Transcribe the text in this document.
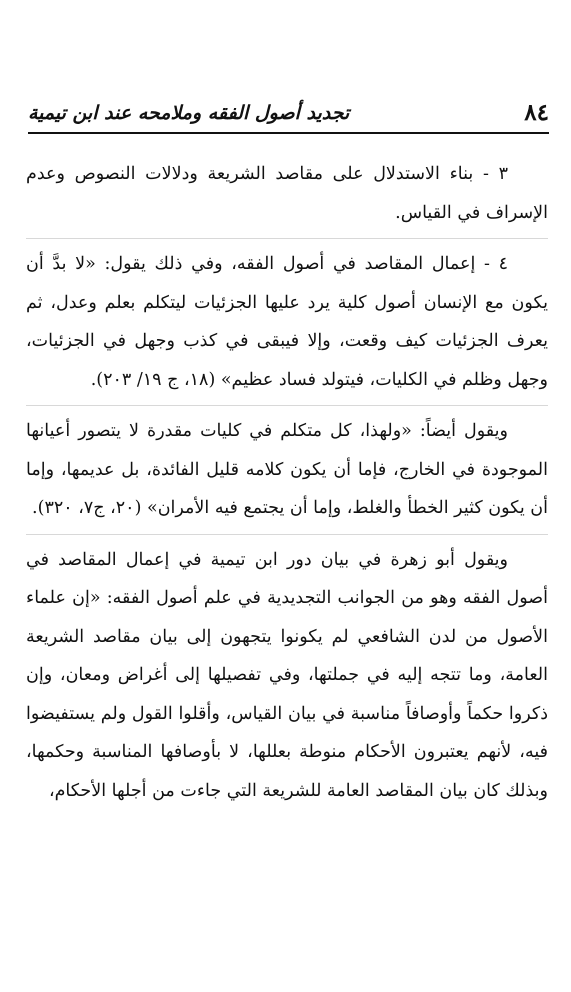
٨٤
تجديد أصول الفقه وملامحه عند ابن تيمية

٣ - بناء الاستدلال على مقاصد الشريعة ودلالات النصوص وعدم الإسراف في القياس.

٤ - إعمال المقاصد في أصول الفقه، وفي ذلك يقول: «لا بدَّ أن يكون مع الإنسان أصول كلية يرد عليها الجزئيات ليتكلم بعلم وعدل، ثم يعرف الجزئيات كيف وقعت، وإلا فيبقى في كذب وجهل في الجزئيات، وجهل وظلم في الكليات، فيتولد فساد عظيم» (١٨، ج ١٩/ ٢٠٣).

ويقول أيضاً: «ولهذا، كل متكلم في كليات مقدرة لا يتصور أعيانها الموجودة في الخارج، فإما أن يكون كلامه قليل الفائدة، بل عديمها، وإما أن يكون كثير الخطأ والغلط، وإما أن يجتمع فيه الأمران» (٢٠، ج٧، ٣٢٠).

ويقول أبو زهرة في بيان دور ابن تيمية في إعمال المقاصد في أصول الفقه وهو من الجوانب التجديدية في علم أصول الفقه: «إن علماء الأصول من لدن الشافعي لم يكونوا يتجهون إلى بيان مقاصد الشريعة العامة، وما تتجه إليه في جملتها، وفي تفصيلها إلى أغراض ومعان، وإن ذكروا حكماً وأوصافاً مناسبة في بيان القياس، وأقلوا القول ولم يستفيضوا فيه، لأنهم يعتبرون الأحكام منوطة بعللها، لا بأوصافها المناسبة وحكمها، وبذلك كان بيان المقاصد العامة للشريعة التي جاءت من أجلها الأحكام،
